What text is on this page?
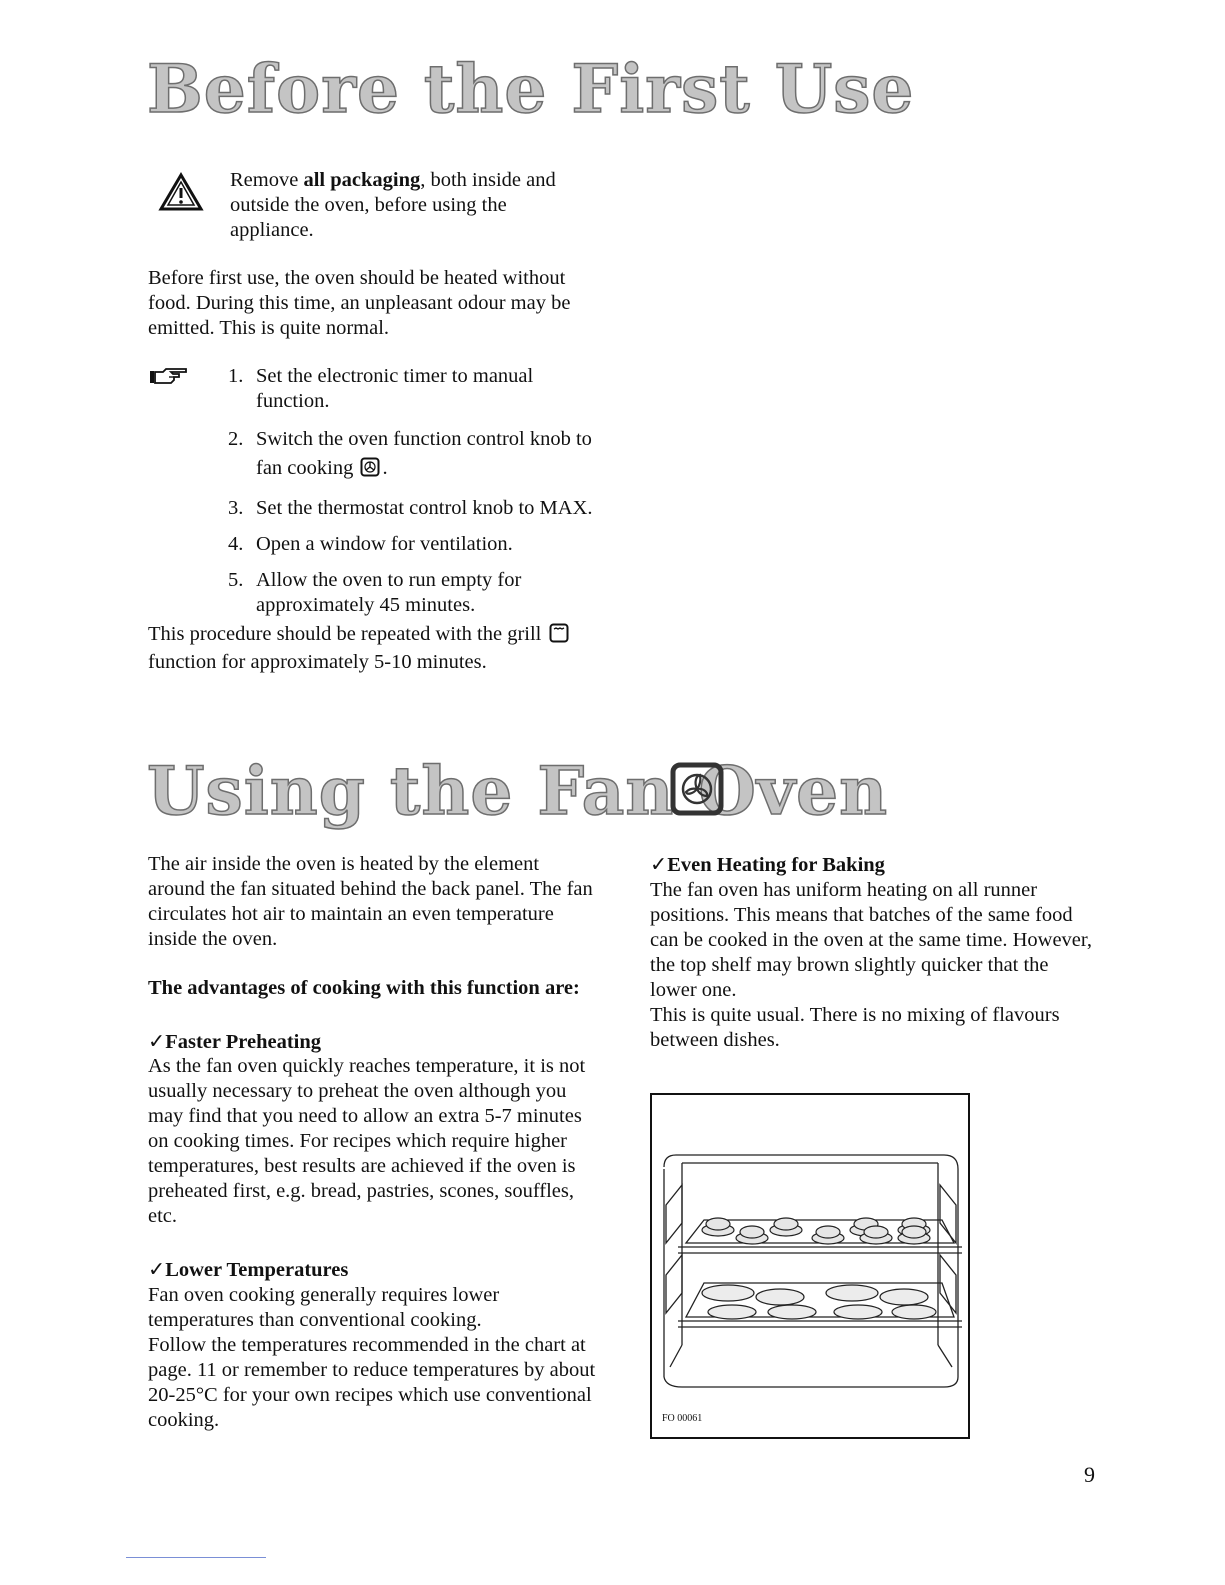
Before the First Use
Remove all packaging, both inside and outside the oven, before using the appliance.
Before first use, the oven should be heated without food. During this time, an unpleasant odour may be emitted. This is quite normal.
1. Set the electronic timer to manual function.
2. Switch the oven function control knob to fan cooking .
3. Set the thermostat control knob to MAX.
4. Open a window for ventilation.
5. Allow the oven to run empty for approximately 45 minutes.
This procedure should be repeated with the grill  function for approximately 5-10 minutes.
Using the Fan Oven
The air inside the oven is heated by the element around the fan situated behind the back panel. The fan circulates hot air to maintain an even temperature inside the oven.
The advantages of cooking with this function are:
✓Faster Preheating
As the fan oven quickly reaches temperature, it is not usually necessary to preheat the oven although you may find that you need to allow an extra 5-7 minutes on cooking times. For recipes which require higher temperatures, best results are achieved if the oven is preheated first, e.g. bread, pastries, scones, souffles, etc.
✓Lower Temperatures
Fan oven cooking generally requires lower temperatures than conventional cooking.
Follow the temperatures recommended in the chart at page. 11 or remember to reduce temperatures by about 20-25°C for your own recipes which use conventional cooking.
✓Even Heating for Baking
The fan oven has uniform heating on all runner positions. This means that batches of the same food can be cooked in the oven at the same time. However, the top shelf may brown slightly quicker that the lower one.
This is quite usual. There is no mixing of flavours between dishes.
FO 00061
9
